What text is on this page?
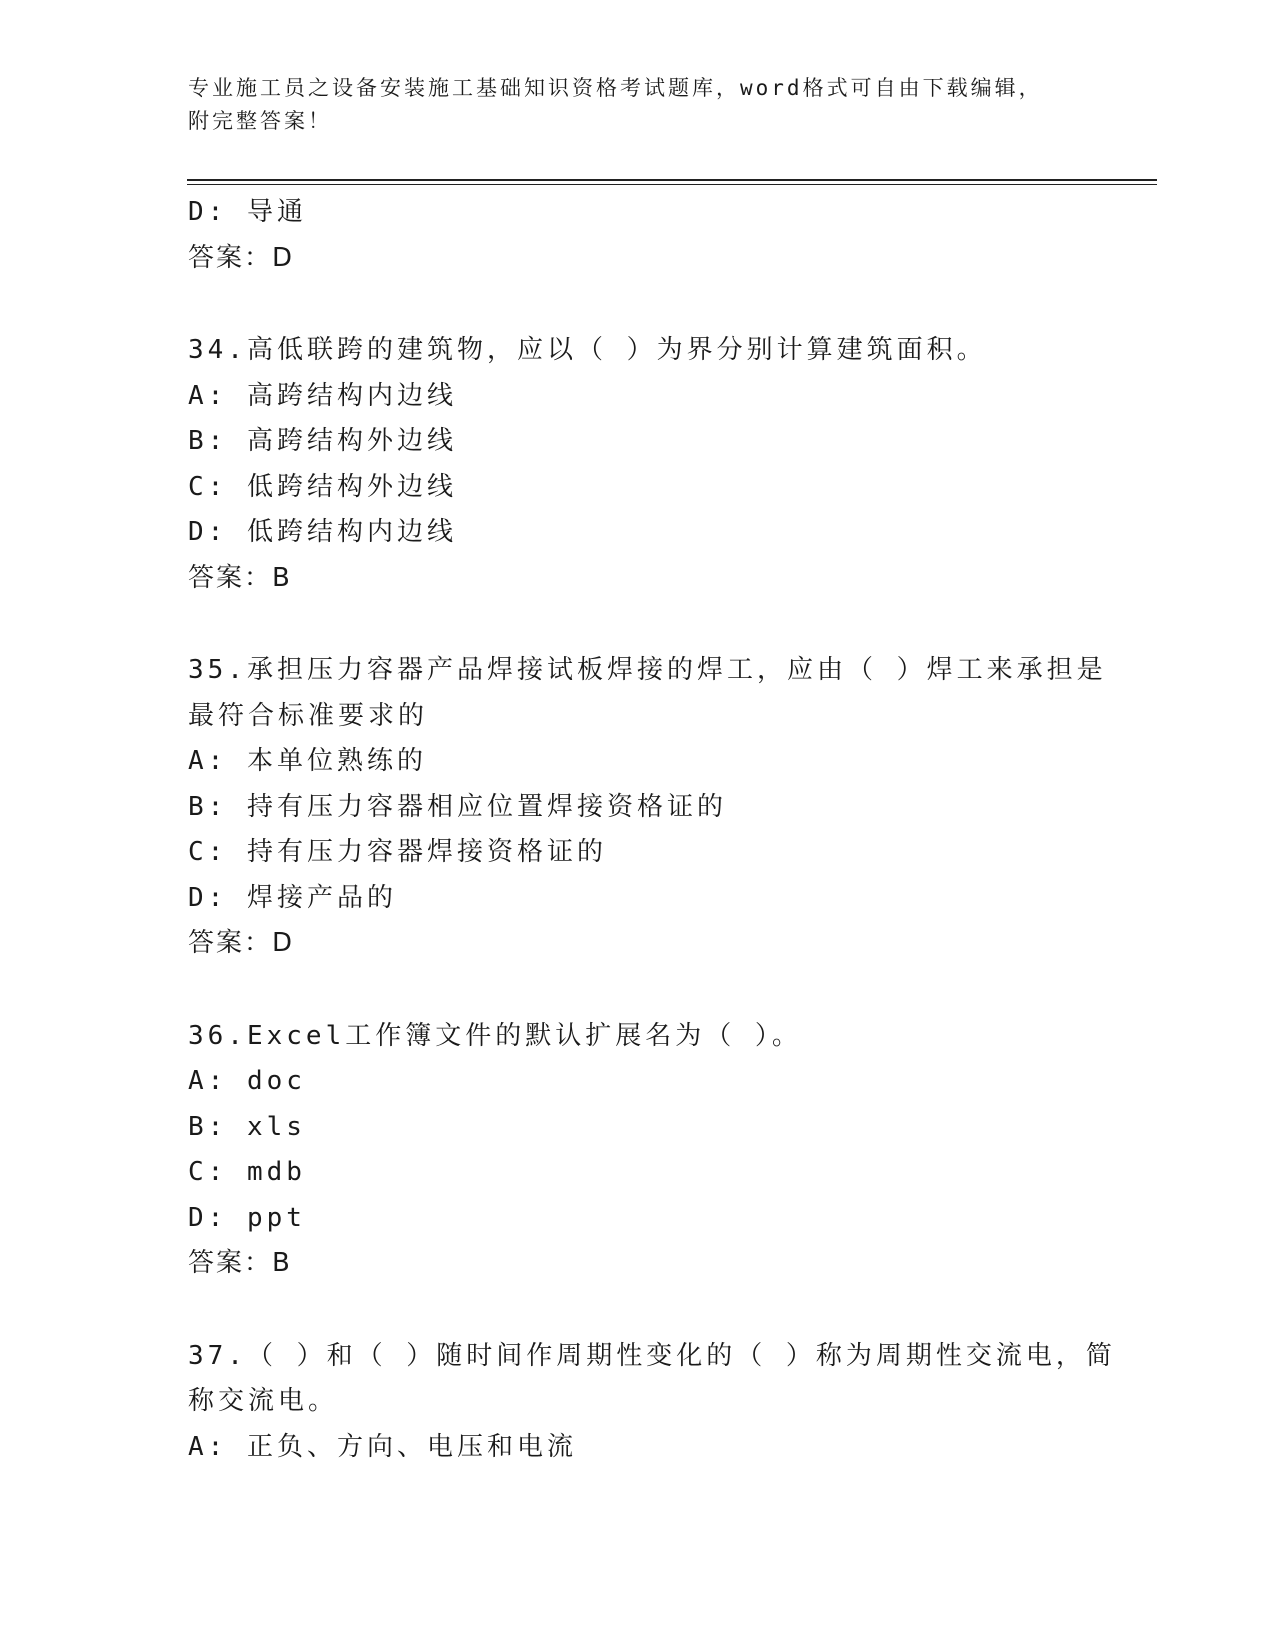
专业施工员之设备安装施工基础知识资格考试题库，word格式可自由下载编辑，
附完整答案！
D: 导通
答案：D
34.高低联跨的建筑物，应以（ ）为界分别计算建筑面积。
A: 高跨结构内边线
B: 高跨结构外边线
C: 低跨结构外边线
D: 低跨结构内边线
答案：B
35.承担压力容器产品焊接试板焊接的焊工，应由（ ）焊工来承担是
最符合标准要求的
A: 本单位熟练的
B: 持有压力容器相应位置焊接资格证的
C: 持有压力容器焊接资格证的
D: 焊接产品的
答案：D
36.Excel工作簿文件的默认扩展名为（ ）。
A: doc
B: xls
C: mdb
D: ppt
答案：B
37.（ ）和（ ）随时间作周期性变化的（ ）称为周期性交流电，简
称交流电。
A: 正负、方向、电压和电流
